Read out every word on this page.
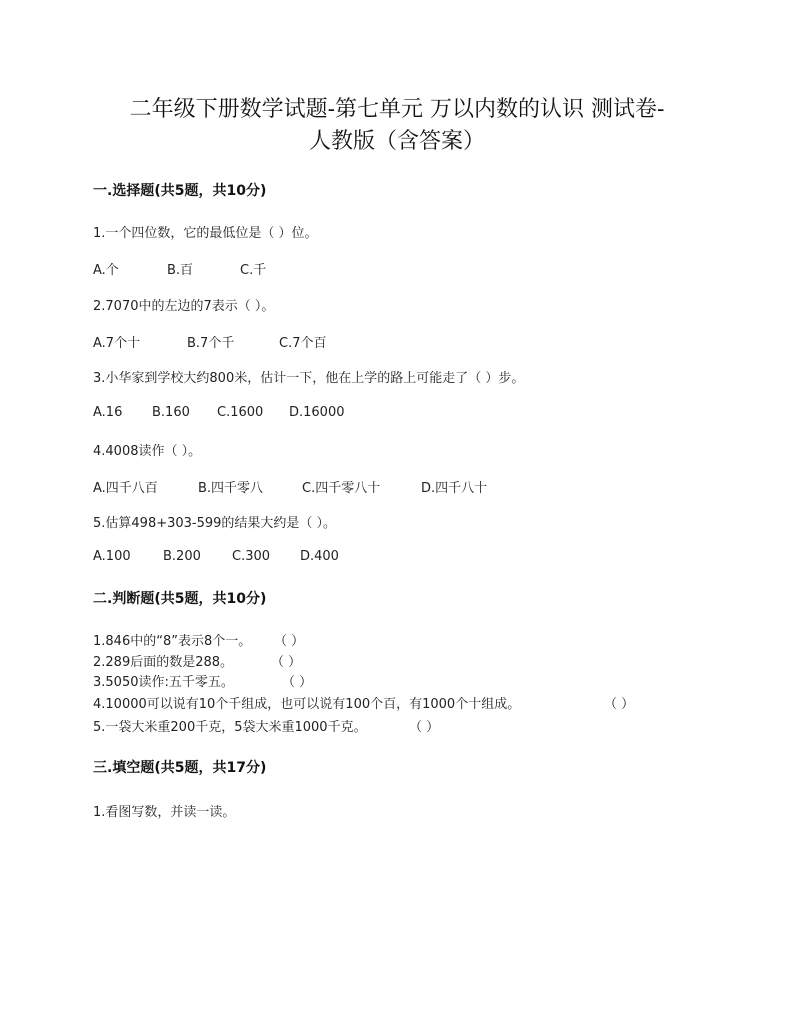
二年级下册数学试题-第七单元 万以内数的认识 测试卷-
人教版（含答案）
一.选择题(共5题，共10分)
1.一个四位数，它的最低位是（ ）位。
A.个	B.百	C.千
2.7070中的左边的7表示（ ）。
A.7个十	B.7个千	C.7个百
3.小华家到学校大约800米，估计一下，他在上学的路上可能走了（ ）步。
A.16 B.160 C.1600 D.16000
4.4008读作（ ）。
A.四千八百	B.四千零八	C.四千零八十	D.四千八十
5.估算498+303-599的结果大约是（ ）。
A.100 B.200 C.300 D.400
二.判断题(共5题，共10分)
1.846中的“8”表示8个一。 （ ）
2.289后面的数是288。	（ ）
3.5050读作:五千零五。	（ ）
4.10000可以说有10个千组成，也可以说有100个百，有1000个十组成。	（ ）
5.一袋大米重200千克，5袋大米重1000千克。	（ ）
三.填空题(共5题，共17分)
1.看图写数，并读一读。
